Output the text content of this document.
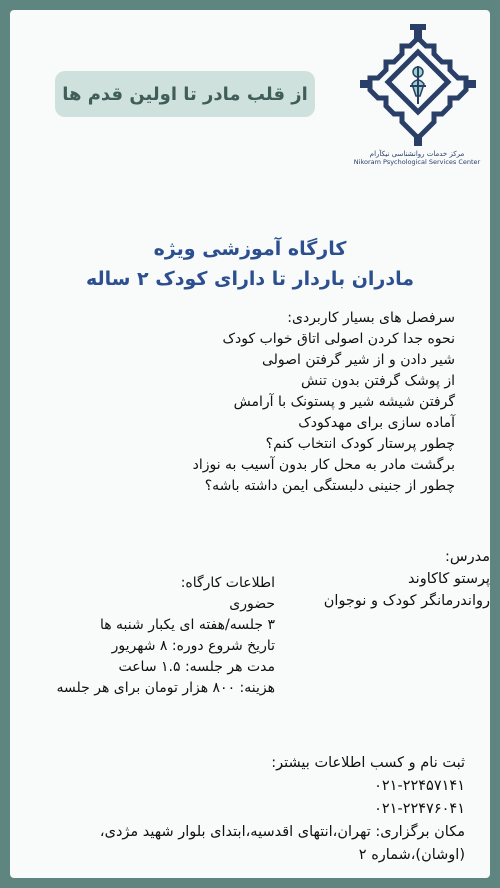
از قلب مادر تا اولین قدم ها
مرکز خدمات روانشناسی نیکآرام
Nikoram Psychological Services Center
کارگاه آموزشی ویژه
مادران باردار تا دارای کودک ۲ ساله
سرفصل های بسیار کاربردی:
نحوه جدا کردن اصولی اتاق خواب کودک
شیر دادن و از شیر گرفتن اصولی
از پوشک گرفتن بدون تنش
گرفتن شیشه شیر و پستونک با آرامش
آماده سازی برای مهدکودک
چطور پرستار کودک انتخاب کنم؟
برگشت مادر به محل کار بدون آسیب به نوزاد
چطور از جنینی دلبستگی ایمن داشته باشه؟
مدرس:
پرستو کاکاوند
رواندرمانگر کودک و نوجوان
اطلاعات کارگاه:
حضوری
۳ جلسه/هفته ای یکبار شنبه ها
تاریخ شروع دوره: ۸ شهریور
مدت هر جلسه: ۱.۵ ساعت
هزینه: ۸۰۰ هزار تومان برای هر جلسه
ثبت نام و کسب اطلاعات بیشتر:
۰۲۱-۲۲۴۵۷۱۴۱
۰۲۱-۲۲۴۷۶۰۴۱
مکان برگزاری: تهران،انتهای اقدسیه،ابتدای بلوار شهید مژدی،
(اوشان)،شماره ۲
